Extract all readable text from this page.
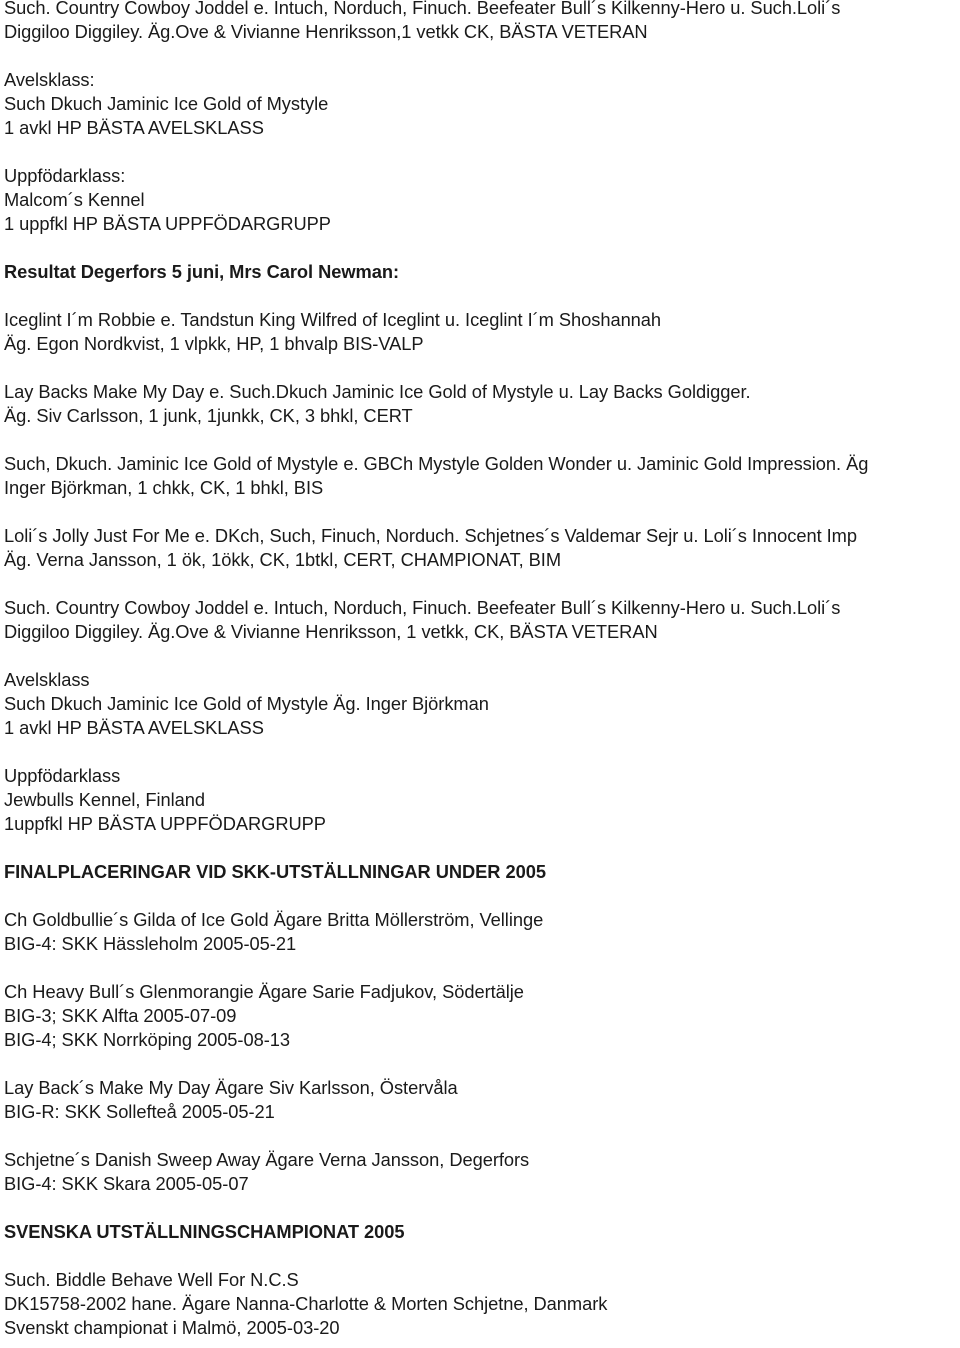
Such. Country Cowboy Joddel e. Intuch, Norduch, Finuch. Beefeater Bull´s Kilkenny-Hero u. Such.Loli´s
Diggiloo Diggiley. Äg.Ove & Vivianne Henriksson,1 vetkk CK, BÄSTA VETERAN
Avelsklass:
Such Dkuch Jaminic Ice Gold of Mystyle
1 avkl HP BÄSTA AVELSKLASS
Uppfödarklass:
Malcom´s Kennel
1 uppfkl HP BÄSTA UPPFÖDARGRUPP
Resultat Degerfors 5 juni, Mrs Carol Newman:
Iceglint I´m Robbie e. Tandstun King Wilfred of Iceglint u. Iceglint I´m Shoshannah
Äg. Egon Nordkvist, 1 vlpkk, HP, 1 bhvalp BIS-VALP
Lay Backs Make My Day e. Such.Dkuch Jaminic Ice Gold of Mystyle u. Lay Backs Goldigger.
Äg. Siv Carlsson, 1 junk, 1junkk, CK, 3 bhkl, CERT
Such, Dkuch. Jaminic Ice Gold of Mystyle e. GBCh Mystyle Golden Wonder u. Jaminic Gold Impression. Äg
Inger Björkman, 1 chkk, CK, 1 bhkl, BIS
Loli´s Jolly Just For Me e. DKch, Such, Finuch, Norduch. Schjetnes´s Valdemar Sejr u. Loli´s Innocent Imp
Äg. Verna Jansson, 1 ök, 1ökk, CK, 1btkl, CERT, CHAMPIONAT, BIM
Such. Country Cowboy Joddel e. Intuch, Norduch, Finuch. Beefeater Bull´s Kilkenny-Hero u. Such.Loli´s
Diggiloo Diggiley. Äg.Ove & Vivianne Henriksson, 1 vetkk, CK, BÄSTA VETERAN
Avelsklass
Such Dkuch Jaminic Ice Gold of Mystyle Äg. Inger Björkman
1 avkl HP BÄSTA AVELSKLASS
Uppfödarklass
Jewbulls Kennel, Finland
1uppfkl HP BÄSTA UPPFÖDARGRUPP
FINALPLACERINGAR VID SKK-UTSTÄLLNINGAR UNDER 2005
Ch Goldbullie´s Gilda of Ice Gold Ägare Britta Möllerström, Vellinge
BIG-4: SKK Hässleholm 2005-05-21
Ch Heavy Bull´s Glenmorangie Ägare Sarie Fadjukov, Södertälje
BIG-3; SKK Alfta 2005-07-09
BIG-4; SKK Norrköping 2005-08-13
Lay Back´s Make My Day Ägare Siv Karlsson, Östervåla
BIG-R: SKK Sollefteå 2005-05-21
Schjetne´s Danish Sweep Away Ägare Verna Jansson, Degerfors
BIG-4: SKK Skara 2005-05-07
SVENSKA UTSTÄLLNINGSCHAMPIONAT 2005
Such. Biddle Behave Well For N.C.S
DK15758-2002 hane. Ägare Nanna-Charlotte & Morten Schjetne, Danmark
Svenskt championat i Malmö, 2005-03-20
